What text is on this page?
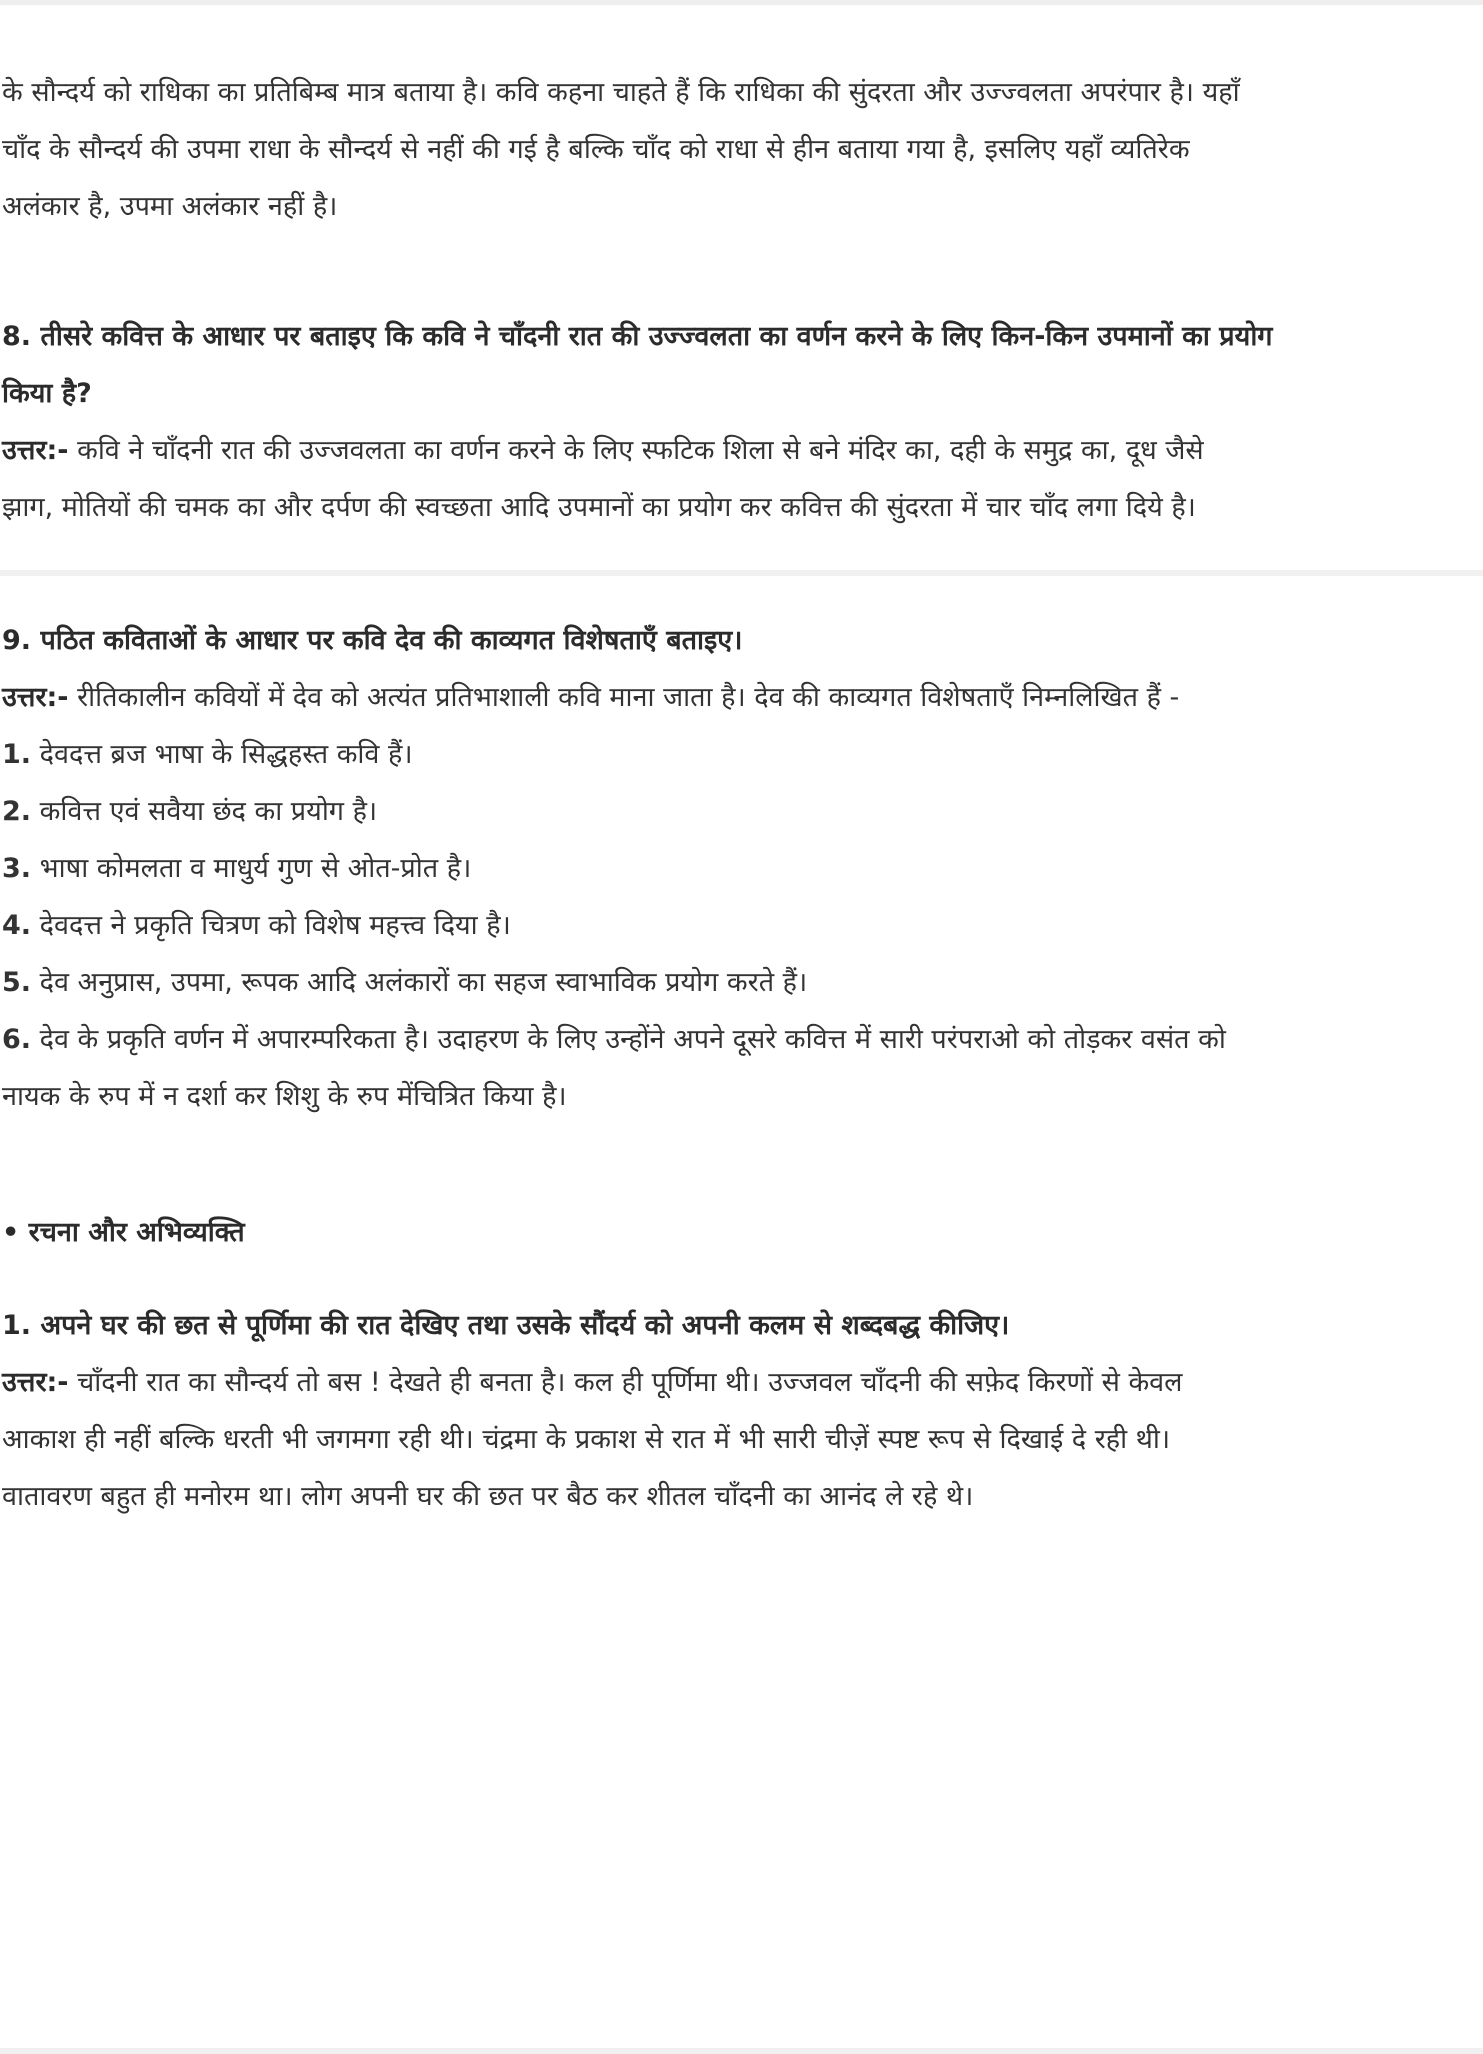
के सौन्दर्य को राधिका का प्रतिबिम्ब मात्र बताया है। कवि कहना चाहते हैं कि राधिका की सुंदरता और उज्ज्वलता अपरंपार है। यहाँ
चाँद के सौन्दर्य की उपमा राधा के सौन्दर्य से नहीं की गई है बल्कि चाँद को राधा से हीन बताया गया है, इसलिए यहाँ व्यतिरेक
अलंकार है, उपमा अलंकार नहीं है।
8. तीसरे कवित्त के आधार पर बताइए कि कवि ने चाँदनी रात की उज्ज्वलता का वर्णन करने के लिए किन-किन उपमानों का प्रयोग
किया है?
उत्तर:- कवि ने चाँदनी रात की उज्जवलता का वर्णन करने के लिए स्फटिक शिला से बने मंदिर का, दही के समुद्र का, दूध जैसे
झाग, मोतियों की चमक का और दर्पण की स्वच्छता आदि उपमानों का प्रयोग कर कवित्त की सुंदरता में चार चाँद लगा दिये है।
9. पठित कविताओं के आधार पर कवि देव की काव्यगत विशेषताएँ बताइए।
उत्तर:- रीतिकालीन कवियों में देव को अत्यंत प्रतिभाशाली कवि माना जाता है। देव की काव्यगत विशेषताएँ निम्नलिखित हैं -
1. देवदत्त ब्रज भाषा के सिद्धहस्त कवि हैं।
2. कवित्त एवं सवैया छंद का प्रयोग है।
3. भाषा कोमलता व माधुर्य गुण से ओत-प्रोत है।
4. देवदत्त ने प्रकृति चित्रण को विशेष महत्त्व दिया है।
5. देव अनुप्रास, उपमा, रूपक आदि अलंकारों का सहज स्वाभाविक प्रयोग करते हैं।
6. देव के प्रकृति वर्णन में अपारम्परिकता है। उदाहरण के लिए उन्होंने अपने दूसरे कवित्त में सारी परंपराओ को तोड़कर वसंत को
नायक के रुप में न दर्शा कर शिशु के रुप मेंचित्रित किया है।
• रचना और अभिव्यक्ति
1. अपने घर की छत से पूर्णिमा की रात देखिए तथा उसके सौंदर्य को अपनी कलम से शब्दबद्ध कीजिए।
उत्तर:- चाँदनी रात का सौन्दर्य तो बस ! देखते ही बनता है। कल ही पूर्णिमा थी। उज्जवल चाँदनी की सफ़ेद किरणों से केवल
आकाश ही नहीं बल्कि धरती भी जगमगा रही थी। चंद्रमा के प्रकाश से रात में भी सारी चीज़ें स्पष्ट रूप से दिखाई दे रही थी।
वातावरण बहुत ही मनोरम था। लोग अपनी घर की छत पर बैठ कर शीतल चाँदनी का आनंद ले रहे थे।
